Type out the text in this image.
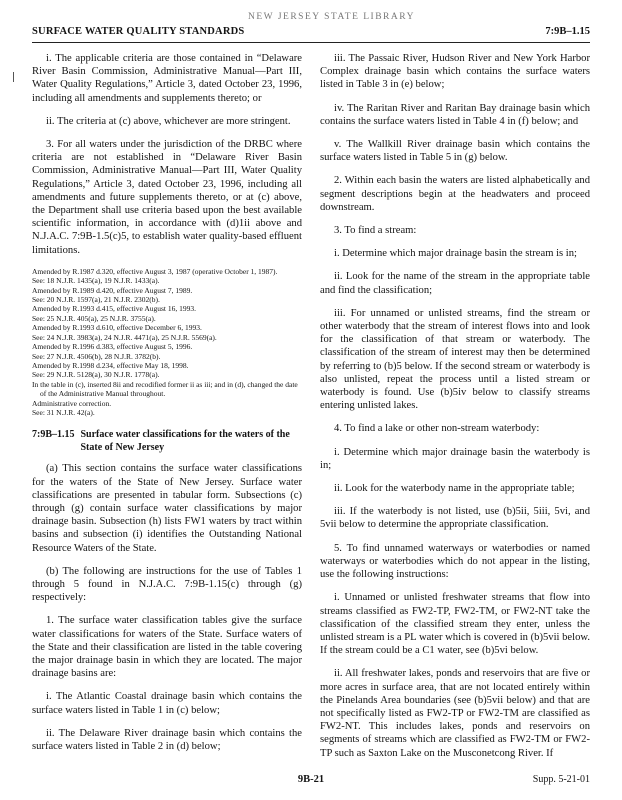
NEW JERSEY STATE LIBRARY
SURFACE WATER QUALITY STANDARDS	7:9B–1.15

i. The applicable criteria are those contained in “Delaware River Basin Commission, Administrative Manual—Part III, Water Quality Regulations,” Article 3, dated October 23, 1996, including all amendments and supplements thereto; or

ii. The criteria at (c) above, whichever are more stringent.

3. For all waters under the jurisdiction of the DRBC where criteria are not established in “Delaware River Basin Commission, Administrative Manual—Part III, Water Quality Regulations,” Article 3, dated October 23, 1996, including all amendments and future supplements thereto, or at (c) above, the Department shall use criteria based upon the best available scientific information, in accordance with (d)1ii above and N.J.A.C. 7:9B-1.5(c)5, to establish water quality-based effluent limitations.

Amended by R.1987 d.320, effective August 3, 1987 (operative October 1, 1987).
See: 18 N.J.R. 1435(a), 19 N.J.R. 1433(a).
Amended by R.1989 d.420, effective August 7, 1989.
See: 20 N.J.R. 1597(a), 21 N.J.R. 2302(b).
Amended by R.1993 d.415, effective August 16, 1993.
See: 25 N.J.R. 405(a), 25 N.J.R. 3755(a).
Amended by R.1993 d.610, effective December 6, 1993.
See: 24 N.J.R. 3983(a), 24 N.J.R. 4471(a), 25 N.J.R. 5569(a).
Amended by R.1996 d.383, effective August 5, 1996.
See: 27 N.J.R. 4506(b), 28 N.J.R. 3782(b).
Amended by R.1998 d.234, effective May 18, 1998.
See: 29 N.J.R. 5128(a), 30 N.J.R. 1778(a).
In the table in (c), inserted 8ii and recodified former ii as iii; and in (d), changed the date of the Administrative Manual throughout.
Administrative correction.
See: 31 N.J.R. 42(a).
7:9B–1.15 Surface water classifications for the waters of the State of New Jersey

(a) This section contains the surface water classifications for the waters of the State of New Jersey. Surface water classifications are presented in tabular form. Subsections (c) through (g) contain surface water classifications by major drainage basin. Subsection (h) lists FW1 waters by tract within basins and subsection (i) identifies the Outstanding National Resource Waters of the State.

(b) The following are instructions for the use of Tables 1 through 5 found in N.J.A.C. 7:9B-1.15(c) through (g) respectively:

1. The surface water classification tables give the surface water classifications for waters of the State. Surface waters of the State and their classification are listed in the table covering the major drainage basin in which they are located. The major drainage basins are:

i. The Atlantic Coastal drainage basin which contains the surface waters listed in Table 1 in (c) below;

ii. The Delaware River drainage basin which contains the surface waters listed in Table 2 in (d) below;

iii. The Passaic River, Hudson River and New York Harbor Complex drainage basin which contains the surface waters listed in Table 3 in (e) below;

iv. The Raritan River and Raritan Bay drainage basin which contains the surface waters listed in Table 4 in (f) below; and

v. The Wallkill River drainage basin which contains the surface waters listed in Table 5 in (g) below.

2. Within each basin the waters are listed alphabetically and segment descriptions begin at the headwaters and proceed downstream.

3. To find a stream:

i. Determine which major drainage basin the stream is in;

ii. Look for the name of the stream in the appropriate table and find the classification;

iii. For unnamed or unlisted streams, find the stream or other waterbody that the stream of interest flows into and look for the classification of that stream or waterbody. The classification of the stream of interest may then be determined by referring to (b)5 below. If the second stream or waterbody is also unlisted, repeat the process until a listed stream or waterbody is found. Use (b)5iv below to classify streams entering unlisted lakes.

4. To find a lake or other non-stream waterbody:

i. Determine which major drainage basin the waterbody is in;

ii. Look for the waterbody name in the appropriate table;

iii. If the waterbody is not listed, use (b)5ii, 5iii, 5vi, and 5vii below to determine the appropriate classification.

5. To find unnamed waterways or waterbodies or named waterways or waterbodies which do not appear in the listing, use the following instructions:

i. Unnamed or unlisted freshwater streams that flow into streams classified as FW2-TP, FW2-TM, or FW2-NT take the classification of the classified stream they enter, unless the unlisted stream is a PL water which is covered in (b)5vii below. If the stream could be a C1 water, see (b)5vi below.

ii. All freshwater lakes, ponds and reservoirs that are five or more acres in surface area, that are not located entirely within the Pinelands Area boundaries (see (b)5vii below) and that are not specifically listed as FW2-TP or FW2-TM are classified as FW2-NT. This includes lakes, ponds and reservoirs on segments of streams which are classified as FW2-TM or FW2-TP such as Saxton Lake on the Musconetcong River. If

9B-21	Supp. 5-21-01
